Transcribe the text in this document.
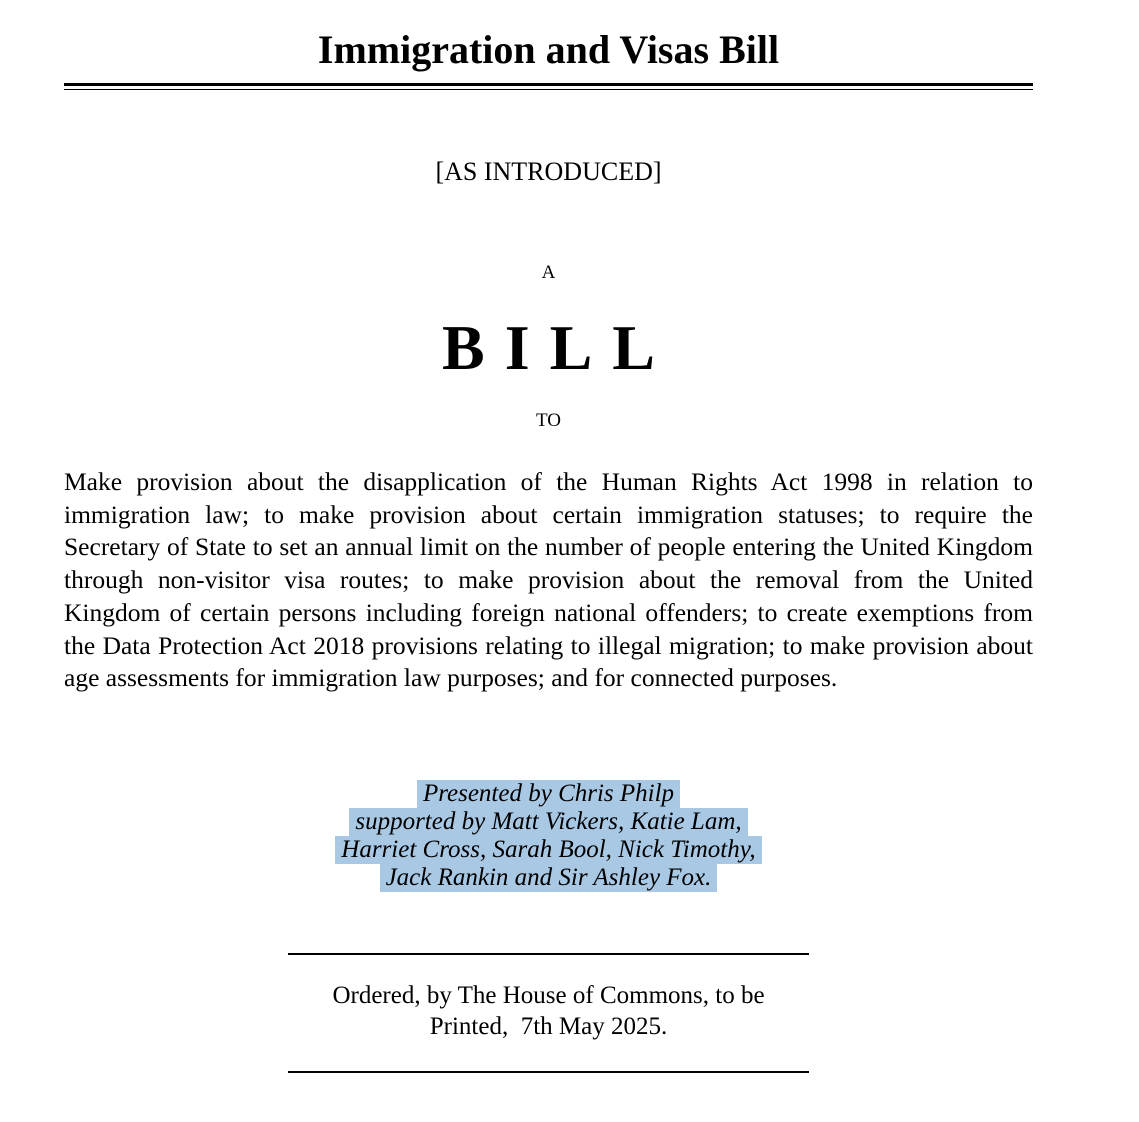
Immigration and Visas Bill
[AS INTRODUCED]
A
BILL
TO
Make provision about the disapplication of the Human Rights Act 1998 in relation to immigration law; to make provision about certain immigration statuses; to require the Secretary of State to set an annual limit on the number of people entering the United Kingdom through non-visitor visa routes; to make provision about the removal from the United Kingdom of certain persons including foreign national offenders; to create exemptions from the Data Protection Act 2018 provisions relating to illegal migration; to make provision about age assessments for immigration law purposes; and for connected purposes.
Presented by Chris Philp
supported by Matt Vickers, Katie Lam,
Harriet Cross, Sarah Bool, Nick Timothy,
Jack Rankin and Sir Ashley Fox.
Ordered, by The House of Commons, to be
Printed,  7th May 2025.
